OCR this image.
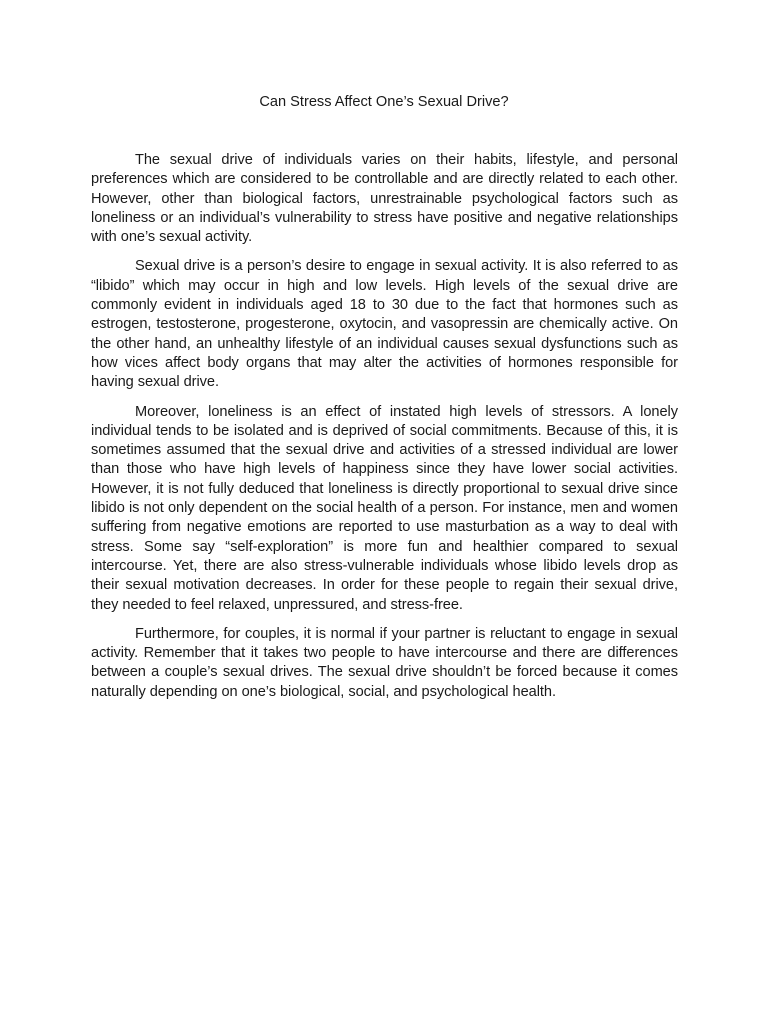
Can Stress Affect One’s Sexual Drive?

The sexual drive of individuals varies on their habits, lifestyle, and personal preferences which are considered to be controllable and are directly related to each other. However, other than biological factors, unrestrainable psychological factors such as loneliness or an individual’s vulnerability to stress have positive and negative relationships with one’s sexual activity.

Sexual drive is a person’s desire to engage in sexual activity. It is also referred to as “libido” which may occur in high and low levels. High levels of the sexual drive are commonly evident in individuals aged 18 to 30 due to the fact that hormones such as estrogen, testosterone, progesterone, oxytocin, and vasopressin are chemically active. On the other hand, an unhealthy lifestyle of an individual causes sexual dysfunctions such as how vices affect body organs that may alter the activities of hormones responsible for having sexual drive.

Moreover, loneliness is an effect of instated high levels of stressors. A lonely individual tends to be isolated and is deprived of social commitments. Because of this, it is sometimes assumed that the sexual drive and activities of a stressed individual are lower than those who have high levels of happiness since they have lower social activities. However, it is not fully deduced that loneliness is directly proportional to sexual drive since libido is not only dependent on the social health of a person. For instance, men and women suffering from negative emotions are reported to use masturbation as a way to deal with stress. Some say “self-exploration” is more fun and healthier compared to sexual intercourse. Yet, there are also stress-vulnerable individuals whose libido levels drop as their sexual motivation decreases. In order for these people to regain their sexual drive, they needed to feel relaxed, unpressured, and stress-free.

Furthermore, for couples, it is normal if your partner is reluctant to engage in sexual activity. Remember that it takes two people to have intercourse and there are differences between a couple’s sexual drives. The sexual drive shouldn’t be forced because it comes naturally depending on one’s biological, social, and psychological health.
